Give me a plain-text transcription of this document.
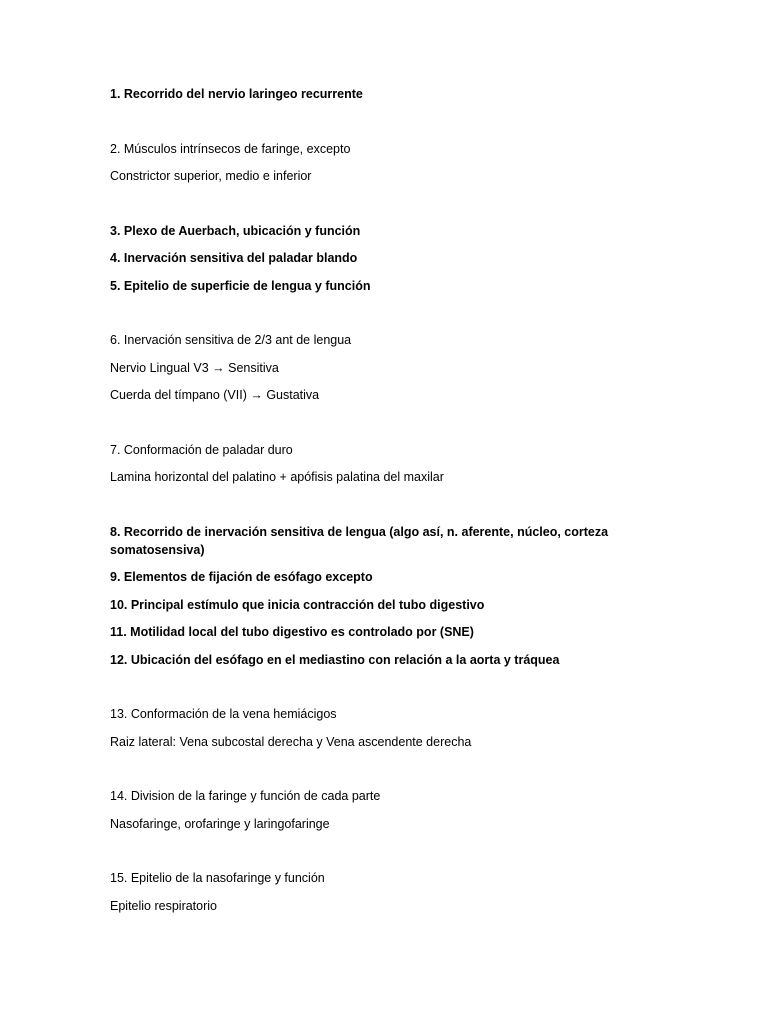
1. Recorrido del nervio laringeo recurrente

2. Músculos intrínsecos de faringe, excepto

Constrictor superior, medio e inferior

3. Plexo de Auerbach, ubicación y función

4. Inervación sensitiva del paladar blando

5. Epitelio de superficie de lengua y función

6. Inervación sensitiva de 2/3 ant de lengua

Nervio Lingual V3 → Sensitiva

Cuerda del tímpano (VII) → Gustativa

7. Conformación de paladar duro

Lamina horizontal del palatino + apófisis palatina del maxilar

8. Recorrido de inervación sensitiva de lengua (algo así, n. aferente, núcleo, corteza somatosensiva)

9. Elementos de fijación de esófago excepto

10. Principal estímulo que inicia contracción del tubo digestivo

11. Motilidad local del tubo digestivo es controlado por (SNE)

12. Ubicación del esófago en el mediastino con relación a la aorta y tráquea

13. Conformación de la vena hemiácigos

Raiz lateral: Vena subcostal derecha y Vena ascendente derecha

14. Division de la faringe y función de cada parte

Nasofaringe, orofaringe y laringofaringe

15. Epitelio de la nasofaringe y función

Epitelio respiratorio
